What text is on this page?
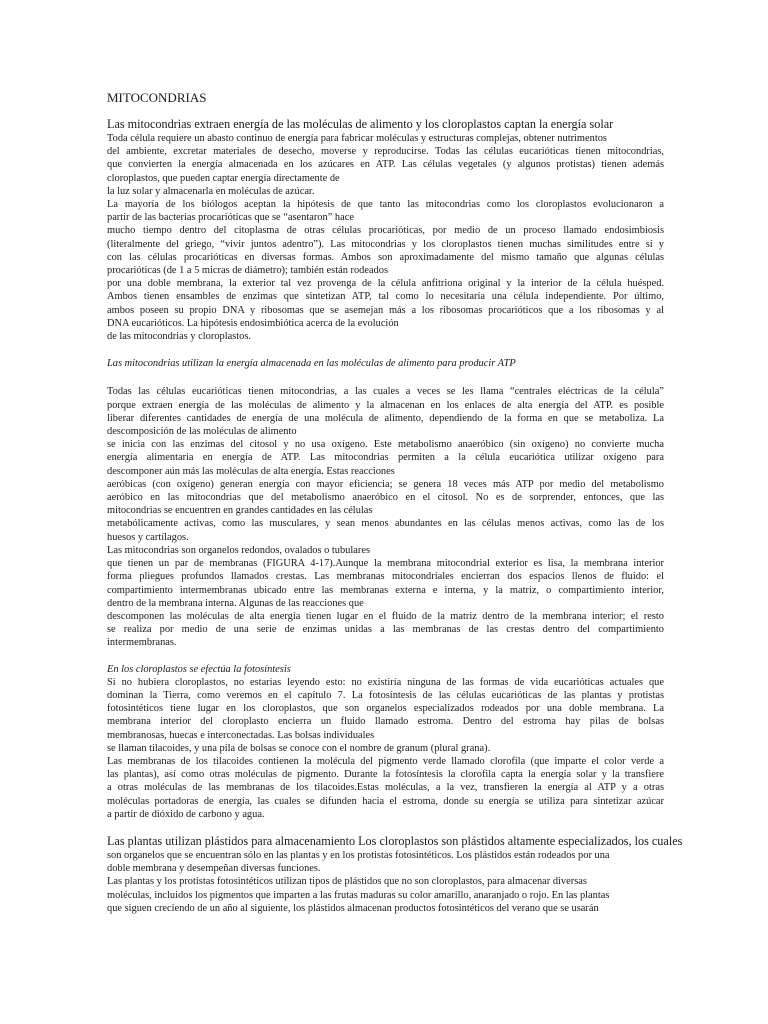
MITOCONDRIAS
Las mitocondrias extraen energía de las moléculas de alimento y los cloroplastos captan la energía solar
Toda célula requiere un abasto continuo de energía para fabricar moléculas y estructuras complejas, obtener nutrimentos
del ambiente, excretar materiales de desecho, moverse y reproducirse. Todas las células eucarióticas tienen mitocondrias,
que convierten la energía almacenada en los azúcares en ATP. Las células vegetales (y algunos protistas) tienen además
cloroplastos, que pueden captar energía directamente de
la luz solar y almacenarla en moléculas de azúcar.
La mayoría de los biólogos aceptan la hipótesis de que tanto las mitocondrias como los cloroplastos evolucionaron a
partir de las bacterias procarióticas que se “asentaron” hace
mucho tiempo dentro del citoplasma de otras células procarióticas, por medio de un proceso llamado endosimbiosis
(literalmente del griego, “vivir juntos adentro”). Las mitocondrias y los cloroplastos tienen muchas similitudes entre sí y
con las células procarióticas en diversas formas. Ambos son aproximadamente del mismo tamaño que algunas células
procarióticas (de 1 a 5 micras de diámetro); también están rodeados
por una doble membrana, la exterior tal vez provenga de la célula anfitriona original y la interior de la célula huésped.
Ambos tienen ensambles de enzimas que sintetizan ATP, tal como lo necesitaría una célula independiente. Por último,
ambos poseen su propio DNA y ribosomas que se asemejan más a los ribosomas procarióticos que a los ribosomas y al
DNA eucarióticos. La hipótesis endosimbiótica acerca de la evolución
de las mitocondrias y cloroplastos.
Las mitocondrias utilizan la energía almacenada en las moléculas de alimento para producir ATP
Todas las células eucarióticas tienen mitocondrias, a las cuales a veces se les llama “centrales eléctricas de la célula”
porque extraen energía de las moléculas de alimento y la almacenan en los enlaces de alta energía del ATP. es posible
liberar diferentes cantidades de energía de una molécula de alimento, dependiendo de la forma en que se metaboliza. La
descomposición de las moléculas de alimento
se inicia con las enzimas del citosol y no usa oxígeno. Este metabolismo anaeróbico (sin oxígeno) no convierte mucha
energía alimentaria en energía de ATP. Las mitocondrias permiten a la célula eucariótica utilizar oxígeno para
descomponer aún más las moléculas de alta energía. Estas reacciones
aeróbicas (con oxígeno) generan energía con mayor eficiencia; se genera 18 veces más ATP por medio del metabolismo
aeróbico en las mitocondrias que del metabolismo anaeróbico en el citosol. No es de sorprender, entonces, que las
mitocondrias se encuentren en grandes cantidades en las células
metabólicamente activas, como las musculares, y sean menos abundantes en las células menos activas, como las de los
huesos y cartílagos.
Las mitocondrias son organelos redondos, ovalados o tubulares
que tienen un par de membranas (FIGURA 4-17).Aunque la membrana mitocondrial exterior es lisa, la membrana interior
forma pliegues profundos llamados crestas. Las membranas mitocondriales encierran dos espacios llenos de fluido: el
compartimiento intermembranas ubicado entre las membranas externa e interna, y la matriz, o compartimiento interior,
dentro de la membrana interna. Algunas de las reacciones que
descomponen las moléculas de alta energía tienen lugar en el fluido de la matriz dentro de la membrana interior; el resto
se realiza por medio de una serie de enzimas unidas a las membranas de las crestas dentro del compartimiento
intermembranas.
En los cloroplastos se efectúa la fotosíntesis
Si no hubiera cloroplastos, no estarías leyendo esto: no existiría ninguna de las formas de vida eucarióticas actuales que
dominan la Tierra, como veremos en el capítulo 7. La fotosíntesis de las células eucarióticas de las plantas y protistas
fotosintéticos tiene lugar en los cloroplastos, que son organelos especializados rodeados por una doble membrana. La
membrana interior del cloroplasto encierra un fluido llamado estroma. Dentro del estroma hay pilas de bolsas
membranosas, huecas e interconectadas. Las bolsas individuales
se llaman tilacoides, y una pila de bolsas se conoce con el nombre de granum (plural grana).
Las membranas de los tilacoides contienen la molécula del pigmento verde llamado clorofila (que imparte el color verde a
las plantas), así como otras moléculas de pigmento. Durante la fotosíntesis la clorofila capta la energía solar y la transfiere
a otras moléculas de las membranas de los tilacoides.Estas moléculas, a la vez, transfieren la energía al ATP y a otras
moléculas portadoras de energía, las cuales se difunden hacia el estroma, donde su energía se utiliza para sintetizar azúcar
a partir de dióxido de carbono y agua.
Las plantas utilizan plástidos para almacenamiento Los cloroplastos son plástidos altamente especializados, los cuales
son organelos que se encuentran sólo en las plantas y en los protistas fotosintéticos. Los plástidos están rodeados por una
doble membrana y desempeñan diversas funciones.
Las plantas y los protistas fotosintéticos utilizan tipos de plástidos que no son cloroplastos, para almacenar diversas
moléculas, incluidos los pigmentos que imparten a las frutas maduras su color amarillo, anaranjado o rojo. En las plantas
que siguen creciendo de un año al siguiente, los plástidos almacenan productos fotosintéticos del verano que se usarán
